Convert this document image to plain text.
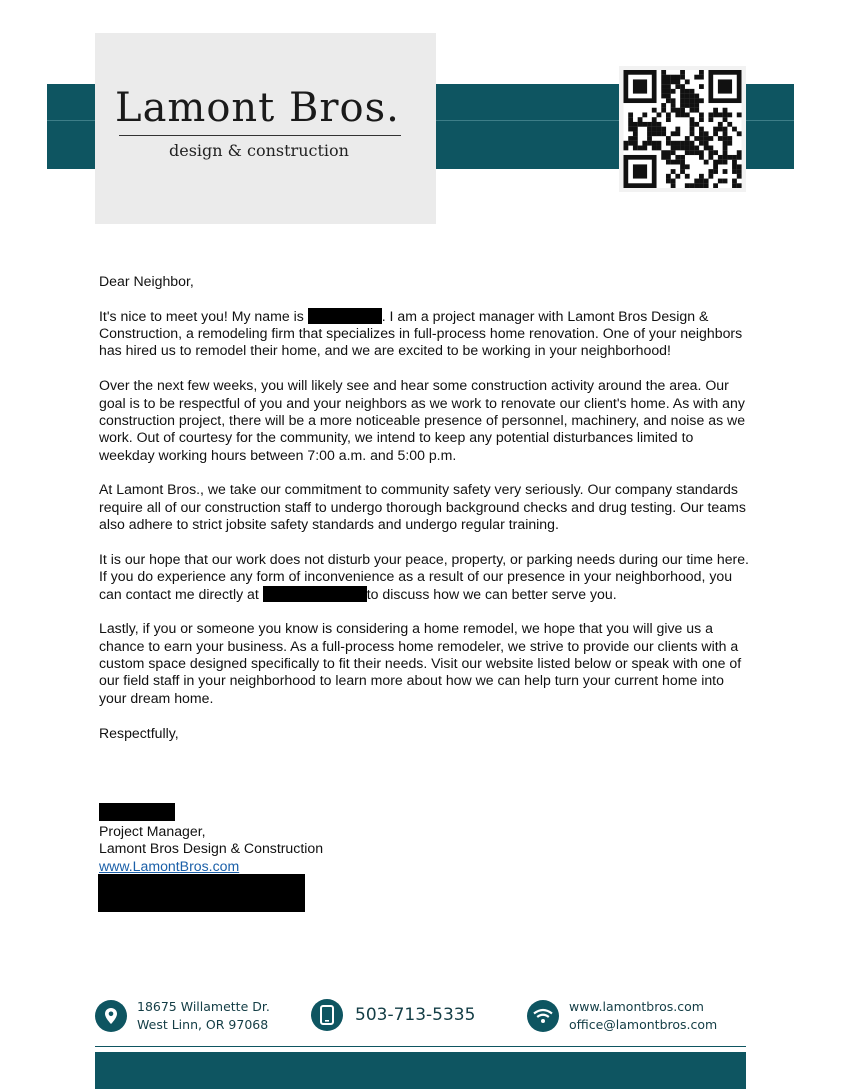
Lamont Bros.
design & construction

Dear Neighbor,

It's nice to meet you! My name is	. I am a project manager with Lamont Bros Design & Construction, a remodeling firm that specializes in full-process home renovation. One of your neighbors has hired us to remodel their home, and we are excited to be working in your neighborhood!

Over the next few weeks, you will likely see and hear some construction activity around the area. Our goal is to be respectful of you and your neighbors as we work to renovate our client's home. As with any construction project, there will be a more noticeable presence of personnel, machinery, and noise as we work. Out of courtesy for the community, we intend to keep any potential disturbances limited to weekday working hours between 7:00 a.m. and 5:00 p.m.

At Lamont Bros., we take our commitment to community safety very seriously. Our company standards require all of our construction staff to undergo thorough background checks and drug testing. Our teams also adhere to strict jobsite safety standards and undergo regular training.

It is our hope that our work does not disturb your peace, property, or parking needs during our time here. If you do experience any form of inconvenience as a result of our presence in your neighborhood, you can contact me directly at	to discuss how we can better serve you.

Lastly, if you or someone you know is considering a home remodel, we hope that you will give us a chance to earn your business. As a full-process home remodeler, we strive to provide our clients with a custom space designed specifically to fit their needs. Visit our website listed below or speak with one of our field staff in your neighborhood to learn more about how we can help turn your current home into your dream home.

Respectfully,

Project Manager,
Lamont Bros Design & Construction
www.LamontBros.com
18675 Willamette Dr.
West Linn, OR 97068	503-713-5335	www.lamontbros.com
office@lamontbros.com
